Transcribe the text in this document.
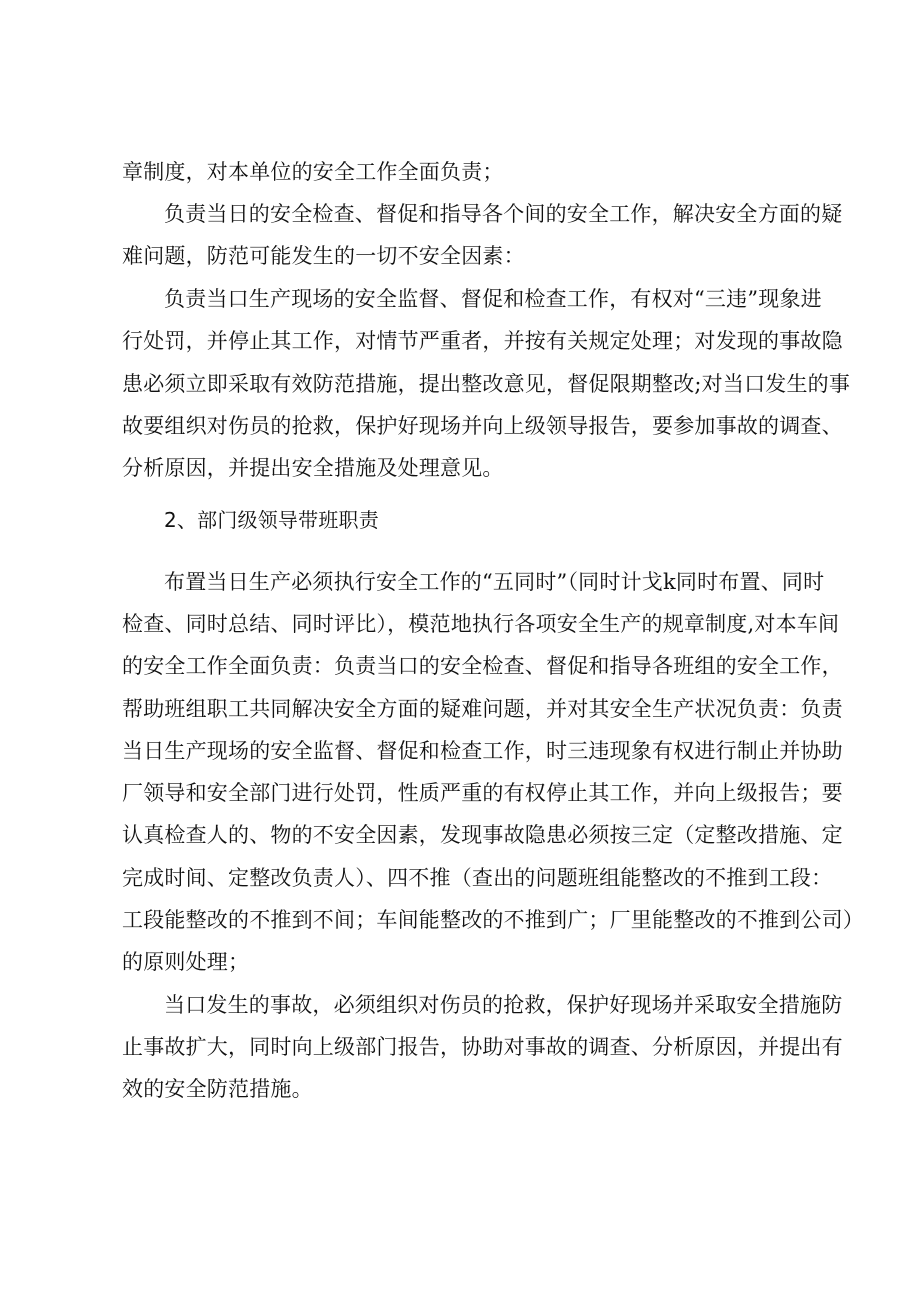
章制度，对本单位的安全工作全面负责；
负责当日的安全检查、督促和指导各个间的安全工作，解决安全方面的疑
难问题，防范可能发生的一切不安全因素：
负责当口生产现场的安全监督、督促和检查工作，有权对“三违”现象进
行处罚，并停止其工作，对情节严重者，并按有关规定处理；对发现的事故隐
患必须立即采取有效防范措施，提出整改意见，督促限期整改;对当口发生的事
故要组织对伤员的抢救，保护好现场并向上级领导报告，要参加事故的调查、
分析原因，并提出安全措施及处理意见。
2、部门级领导带班职责
布置当日生产必须执行安全工作的“五同时”（同时计戈k同时布置、同时
检查、同时总结、同时评比），模范地执行各项安全生产的规章制度,对本车间
的安全工作全面负责：负责当口的安全检查、督促和指导各班组的安全工作，
帮助班组职工共同解决安全方面的疑难问题，并对其安全生产状况负责：负责
当日生产现场的安全监督、督促和检查工作，时三违现象有权进行制止并协助
厂领导和安全部门进行处罚，性质严重的有权停止其工作，并向上级报告；要
认真检查人的、物的不安全因素，发现事故隐患必须按三定（定整改措施、定
完成时间、定整改负责人）、四不推（查出的问题班组能整改的不推到工段：
工段能整改的不推到不间；车间能整改的不推到广；厂里能整改的不推到公司）
的原则处理；
当口发生的事故，必须组织对伤员的抢救，保护好现场并采取安全措施防
止事故扩大，同时向上级部门报告，协助对事故的调查、分析原因，并提出有
效的安全防范措施。
